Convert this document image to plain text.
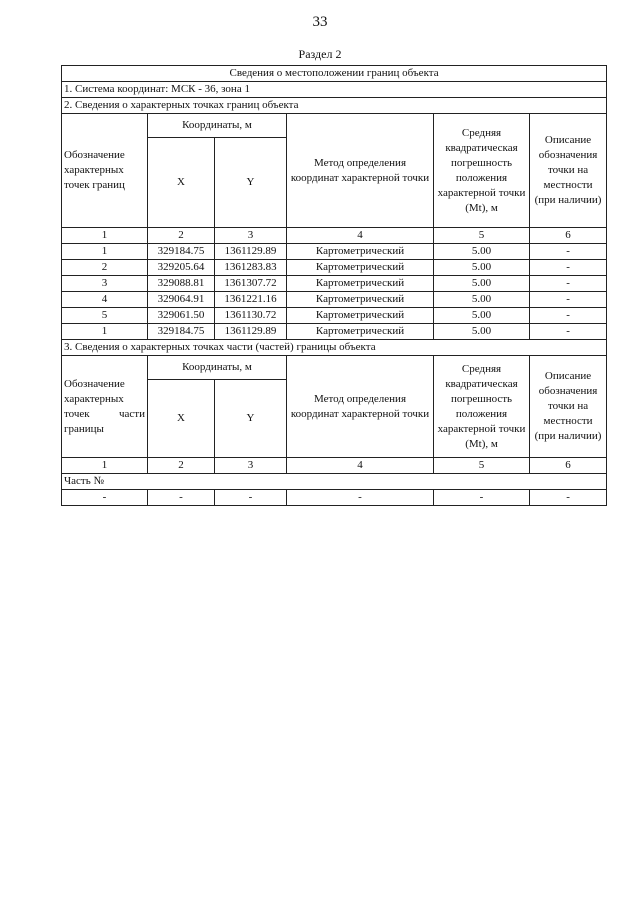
33
Раздел 2
Сведения о местоположении границ объекта					
1. Система координат: МСК - 36, зона 1					
2. Сведения о характерных точках границ объекта					
Обозначение характерных точек границ	Координаты, м		Метод определения координат характерной точки	Средняя квадратическая погрешность положения характерной точки (Mt), м	Описание обозначения точки на местности (при наличии)
	X	Y			
1	2	3	4	5	6
1	329184.75	1361129.89	Картометрический	5.00	-
2	329205.64	1361283.83	Картометрический	5.00	-
3	329088.81	1361307.72	Картометрический	5.00	-
4	329064.91	1361221.16	Картометрический	5.00	-
5	329061.50	1361130.72	Картометрический	5.00	-
1	329184.75	1361129.89	Картометрический	5.00	-
3. Сведения о характерных точках части (частей) границы объекта					
Обозначение характерных точек части границы	Координаты, м		Метод определения координат характерной точки	Средняя квадратическая погрешность положения характерной точки (Mt), м	Описание обозначения точки на местности (при наличии)
	X	Y			
1	2	3	4	5	6
Часть №					
-	-	-	-	-	-
